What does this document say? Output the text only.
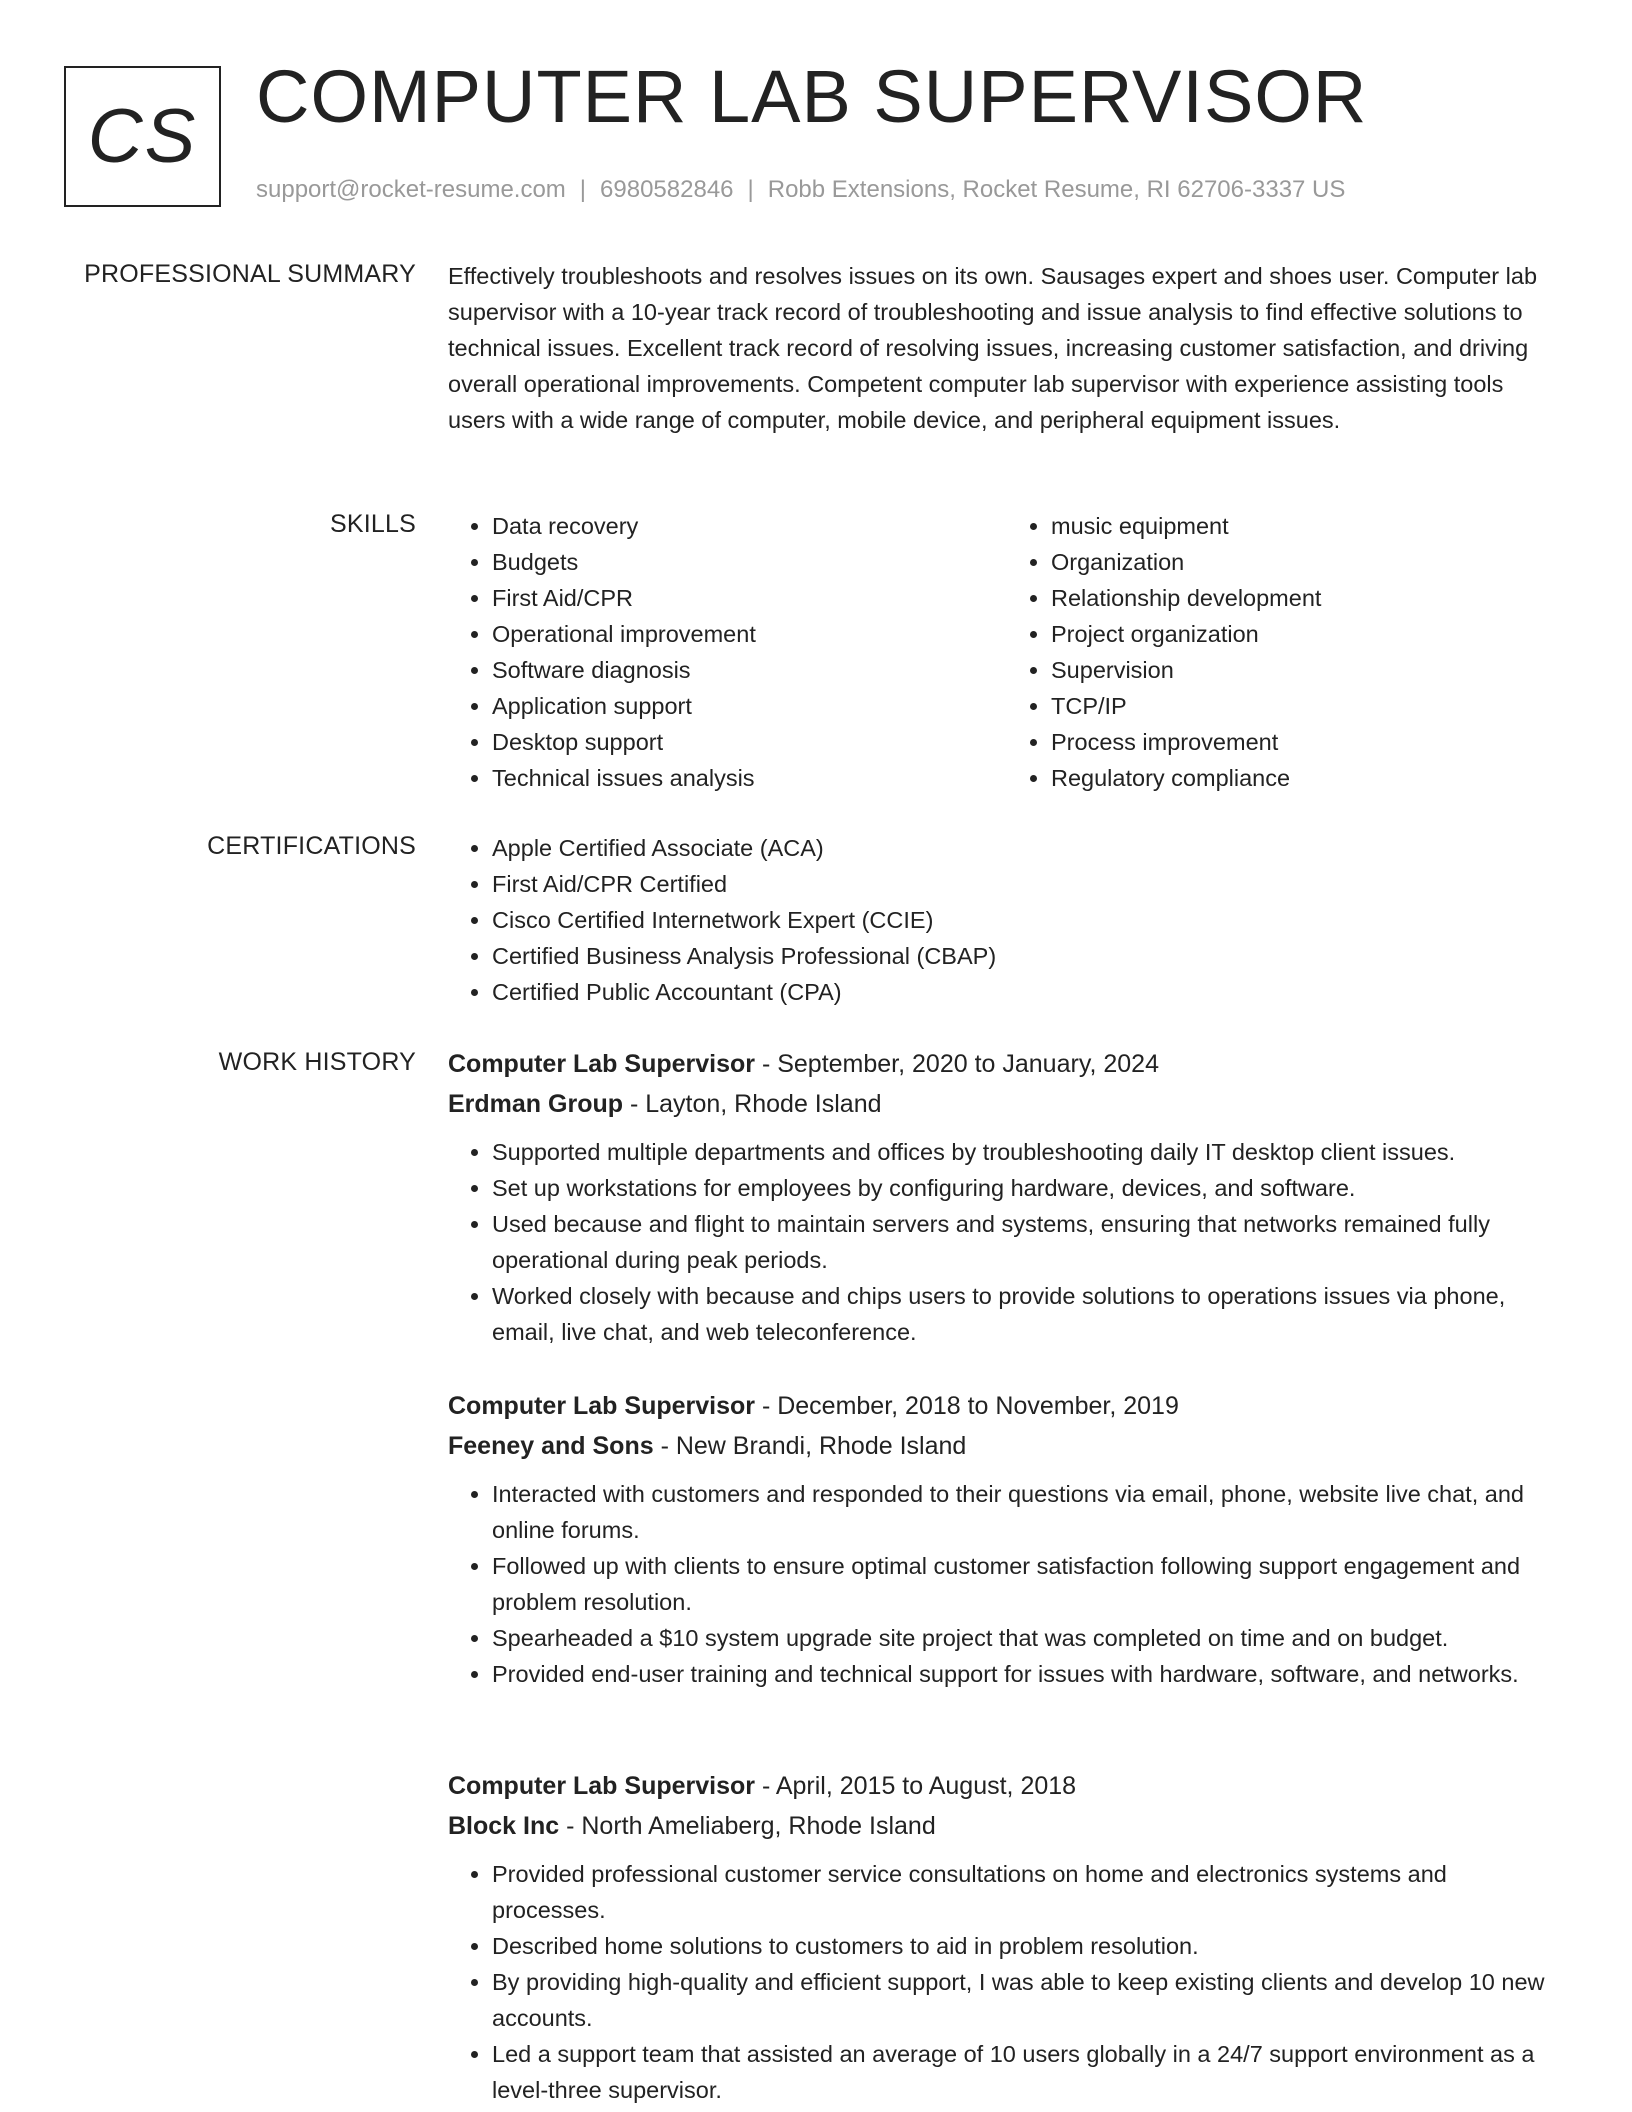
CS COMPUTER LAB SUPERVISOR
support@rocket-resume.com | 6980582846 | Robb Extensions, Rocket Resume, RI 62706-3337 US
PROFESSIONAL SUMMARY Effectively troubleshoots and resolves issues on its own. Sausages expert and shoes user. Computer lab supervisor with a 10-year track record of troubleshooting and issue analysis to find effective solutions to technical issues. Excellent track record of resolving issues, increasing customer satisfaction, and driving overall operational improvements. Competent computer lab supervisor with experience assisting tools users with a wide range of computer, mobile device, and peripheral equipment issues.
SKILLS	• Data recovery
• Budgets
• First Aid/CPR
• Operational improvement
• Software diagnosis
• Application support
• Desktop support
• Technical issues analysis
• music equipment
• Organization
• Relationship development
• Project organization
• Supervision
• TCP/IP
• Process improvement
• Regulatory compliance
CERTIFICATIONS	• Apple Certified Associate (ACA)
• First Aid/CPR Certified
• Cisco Certified Internetwork Expert (CCIE)
• Certified Business Analysis Professional (CBAP)
• Certified Public Accountant (CPA)
WORK HISTORY Computer Lab Supervisor - September, 2020 to January, 2024
Erdman Group - Layton, Rhode Island
• Supported multiple departments and offices by troubleshooting daily IT desktop client issues.
• Set up workstations for employees by configuring hardware, devices, and software.
• Used because and flight to maintain servers and systems, ensuring that networks remained fully operational during peak periods.
• Worked closely with because and chips users to provide solutions to operations issues via phone, email, live chat, and web teleconference.
Computer Lab Supervisor - December, 2018 to November, 2019
Feeney and Sons - New Brandi, Rhode Island
• Interacted with customers and responded to their questions via email, phone, website live chat, and online forums.
• Followed up with clients to ensure optimal customer satisfaction following support engagement and problem resolution.
• Spearheaded a $10 system upgrade site project that was completed on time and on budget.
• Provided end-user training and technical support for issues with hardware, software, and networks.
Computer Lab Supervisor - April, 2015 to August, 2018
Block Inc - North Ameliaberg, Rhode Island
• Provided professional customer service consultations on home and electronics systems and processes.
• Described home solutions to customers to aid in problem resolution.
• By providing high-quality and efficient support, I was able to keep existing clients and develop 10 new accounts.
• Led a support team that assisted an average of 10 users globally in a 24/7 support environment as a level-three supervisor.
